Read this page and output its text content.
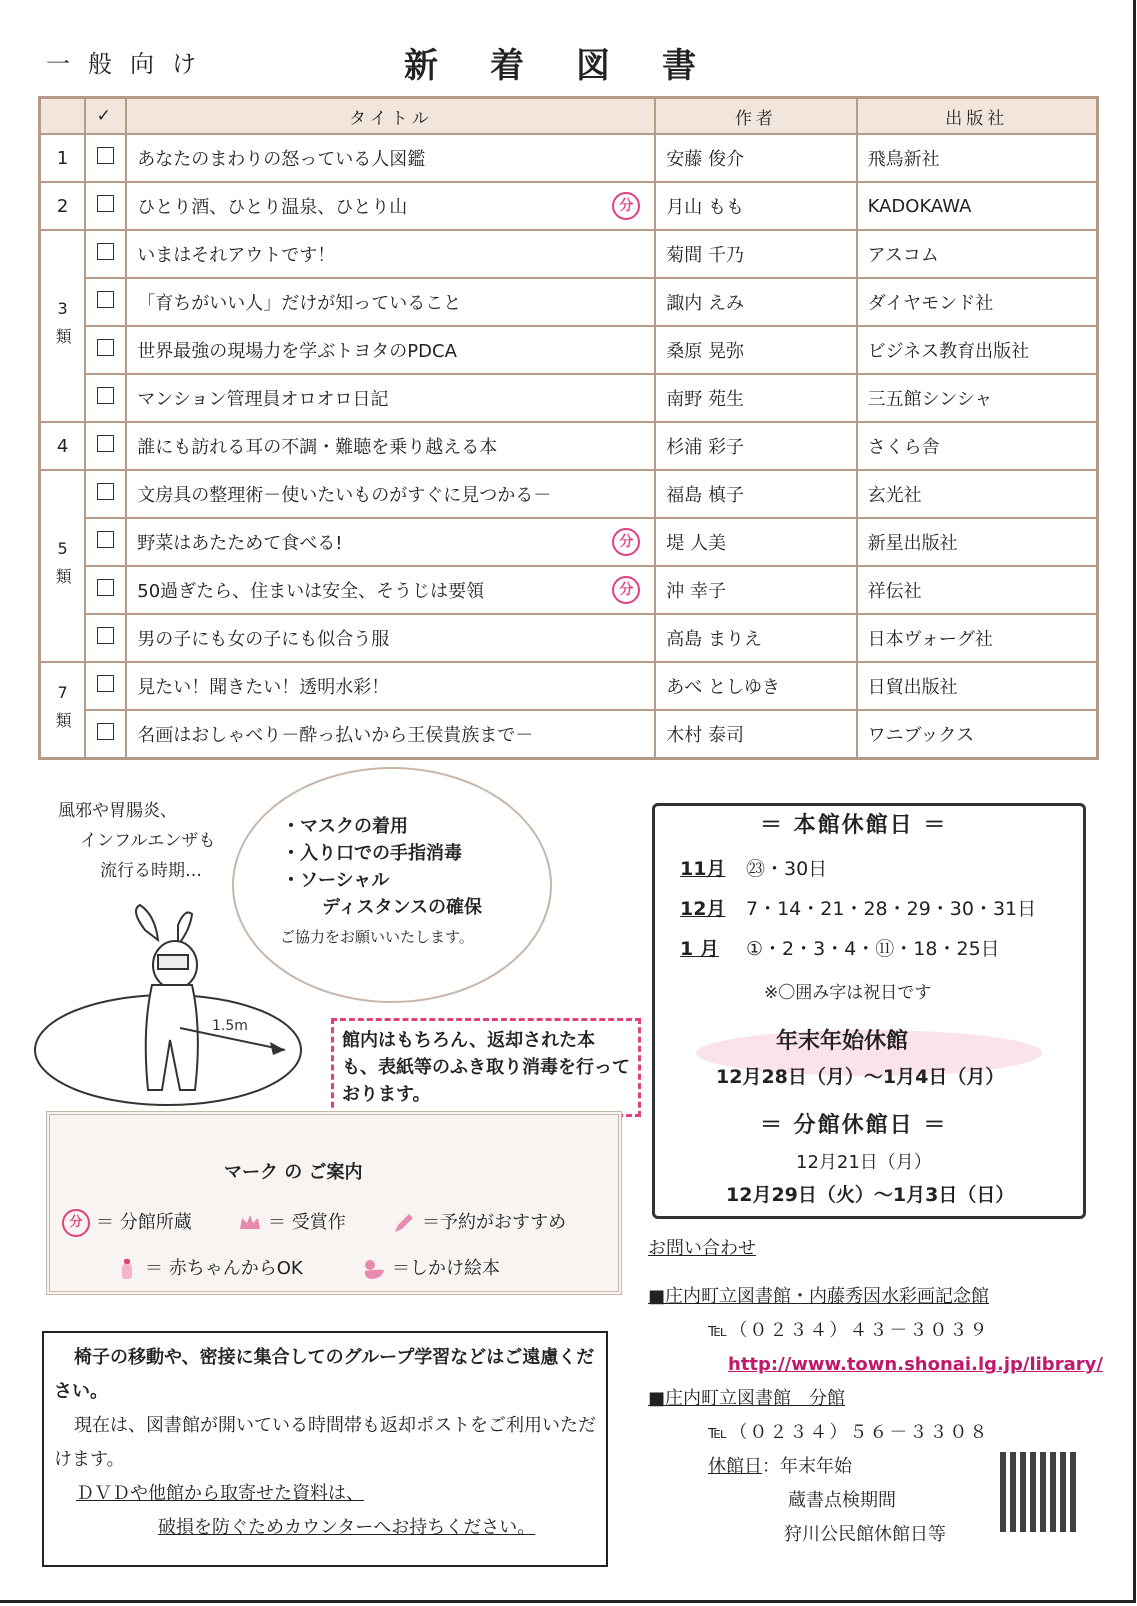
一般向け	新着図書
	✓	タイトル	作者	出版社
1		あなたのまわりの怒っている人図鑑	安藤 俊介	飛鳥新社
2		ひとり酒、ひとり温泉、ひとり山 分	月山 もも	KADOKAWA

3類		いまはそれアウトです！	菊間 千乃	アスコム
		「育ちがいい人」だけが知っていること	諏内 えみ	ダイヤモンド社
		世界最強の現場力を学ぶトヨタのPDCA	桑原 晃弥	ビジネス教育出版社
		マンション管理員オロオロ日記	南野 苑生	三五館シンシャ
4		誰にも訪れる耳の不調・難聴を乗り越える本	杉浦 彩子	さくら舎

5類		文房具の整理術－使いたいものがすぐに見つかる－	福島 槙子	玄光社
		野菜はあたためて食べる! 分	堤 人美	新星出版社
		50過ぎたら、住まいは安全、そうじは要領 分	沖 幸子	祥伝社
		男の子にも女の子にも似合う服	高島 まりえ	日本ヴォーグ社

7類		見たい！聞きたい！透明水彩！	あべ としゆき	日貿出版社
		名画はおしゃべり－酔っ払いから王侯貴族まで－	木村 泰司	ワニブックス
風邪や胃腸炎、
インフルエンザも
流行る時期…
・マスクの着用
・入り口での手指消毒
・ソーシャル
ディスタンスの確保
ご協力をお願いいたします。
1.5m
館内はもちろん、返却された本も、表紙等のふき取り消毒を行っております。
マーク の ご案内
分 ＝ 分館所蔵	＝ 受賞作	＝予約がおすすめ
＝ 赤ちゃんからOK	＝しかけ絵本
椅子の移動や、密接に集合してのグループ学習などはご遠慮ください。
現在は、図書館が開いている時間帯も返却ポストをご利用いただけます。
ＤＶＤや他館から取寄せた資料は、
破損を防ぐためカウンターへお持ちください。
＝ 本館休館日 ＝
11月 ㉓・30日
12月 7・14・21・28・29・30・31日
1 月 ①・2・3・4・⑪・18・25日
※〇囲み字は祝日です
年末年始休館
12月28日（月）～1月4日（月）
＝ 分館休館日 ＝
12月21日（月）
12月29日（火）～1月3日（日）
お問い合わせ
■庄内町立図書館・内藤秀因水彩画記念館
℡（０２３４）４３－３０３９
http://www.town.shonai.lg.jp/library/
■庄内町立図書館　分館
℡（０２３４）５６－３３０８
休館日：年末年始
蔵書点検期間
狩川公民館休館日等
